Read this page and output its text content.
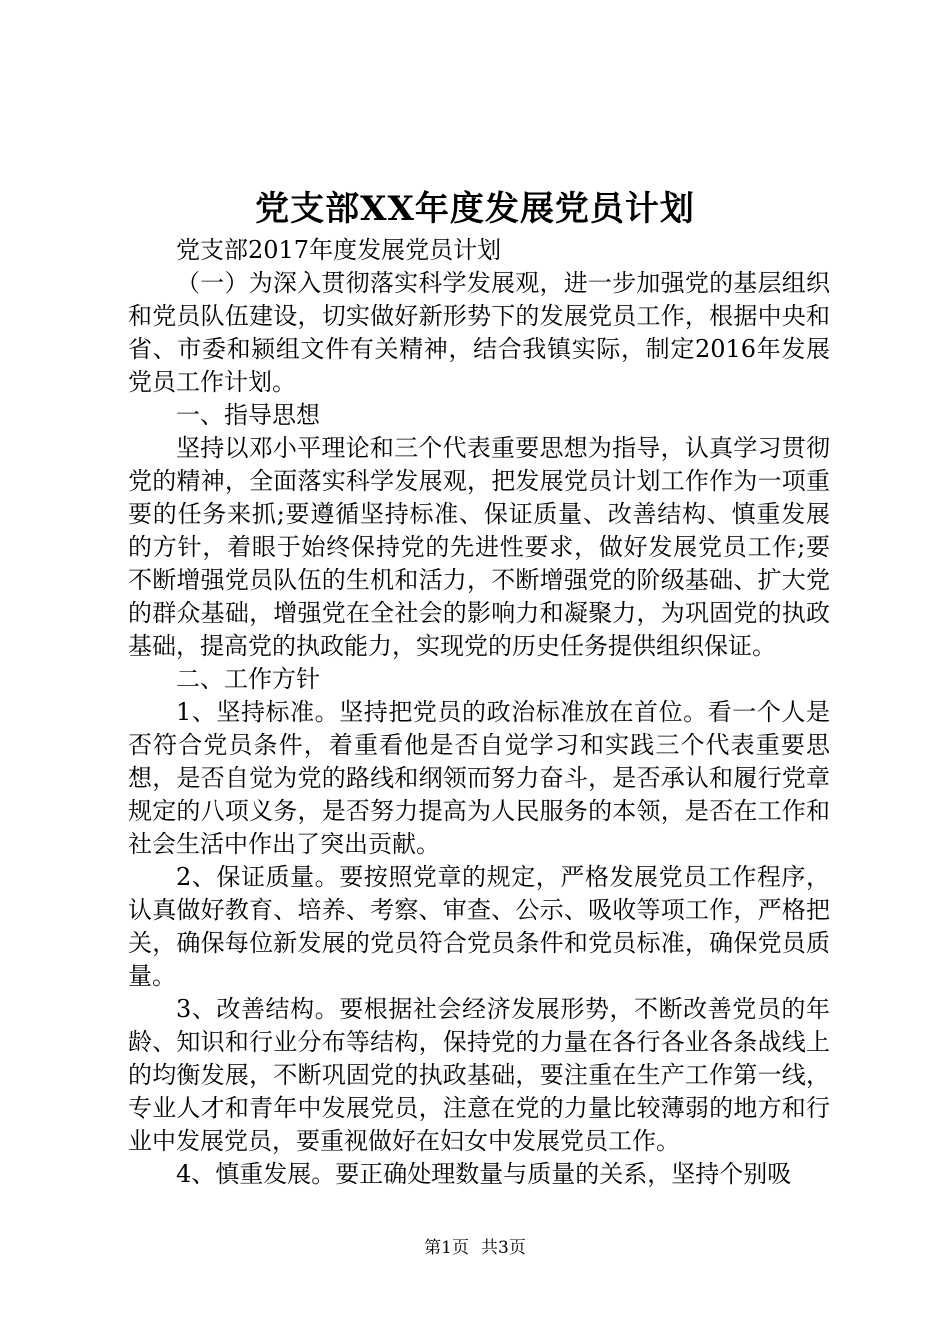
党支部XX年度发展党员计划

党支部2017年度发展党员计划

（一）为深入贯彻落实科学发展观，进一步加强党的基层组织和党员队伍建设，切实做好新形势下的发展党员工作，根据中央和省、市委和颍组文件有关精神，结合我镇实际，制定2016年发展党员工作计划。

一、指导思想

坚持以邓小平理论和三个代表重要思想为指导，认真学习贯彻党的精神，全面落实科学发展观，把发展党员计划工作作为一项重要的任务来抓;要遵循坚持标准、保证质量、改善结构、慎重发展的方针，着眼于始终保持党的先进性要求，做好发展党员工作;要不断增强党员队伍的生机和活力，不断增强党的阶级基础、扩大党的群众基础，增强党在全社会的影响力和凝聚力，为巩固党的执政基础，提高党的执政能力，实现党的历史任务提供组织保证。

二、工作方针

1、坚持标准。坚持把党员的政治标准放在首位。看一个人是否符合党员条件，着重看他是否自觉学习和实践三个代表重要思想，是否自觉为党的路线和纲领而努力奋斗，是否承认和履行党章规定的八项义务，是否努力提高为人民服务的本领，是否在工作和社会生活中作出了突出贡献。

2、保证质量。要按照党章的规定，严格发展党员工作程序，认真做好教育、培养、考察、审查、公示、吸收等项工作，严格把关，确保每位新发展的党员符合党员条件和党员标准，确保党员质量。

3、改善结构。要根据社会经济发展形势，不断改善党员的年龄、知识和行业分布等结构，保持党的力量在各行各业各条战线上的均衡发展，不断巩固党的执政基础，要注重在生产工作第一线，专业人才和青年中发展党员，注意在党的力量比较薄弱的地方和行业中发展党员，要重视做好在妇女中发展党员工作。

4、慎重发展。要正确处理数量与质量的关系，坚持个别吸

第1页 共3页
